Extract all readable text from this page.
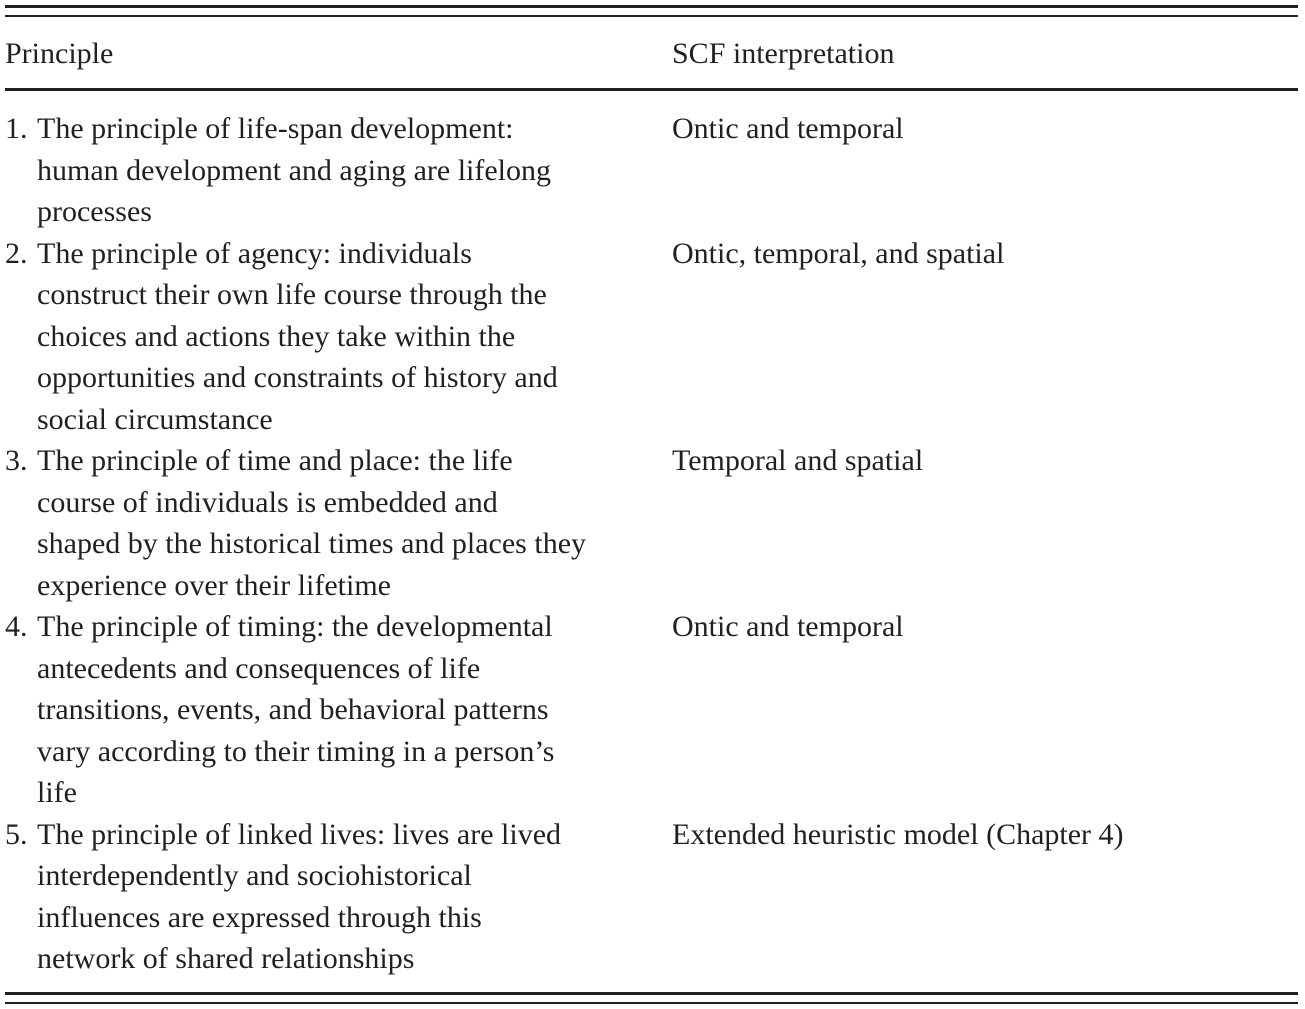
Principle	SCF interpretation
1. The principle of life-span development:
human development and aging are lifelong
processes
Ontic and temporal
2. The principle of agency: individuals
construct their own life course through the
choices and actions they take within the
opportunities and constraints of history and
social circumstance
Ontic, temporal, and spatial
3. The principle of time and place: the life
course of individuals is embedded and
shaped by the historical times and places they
experience over their lifetime
Temporal and spatial
4. The principle of timing: the developmental
antecedents and consequences of life
transitions, events, and behavioral patterns
vary according to their timing in a person’s
life
Ontic and temporal
5. The principle of linked lives: lives are lived
interdependently and sociohistorical
influences are expressed through this
network of shared relationships
Extended heuristic model (Chapter 4)
